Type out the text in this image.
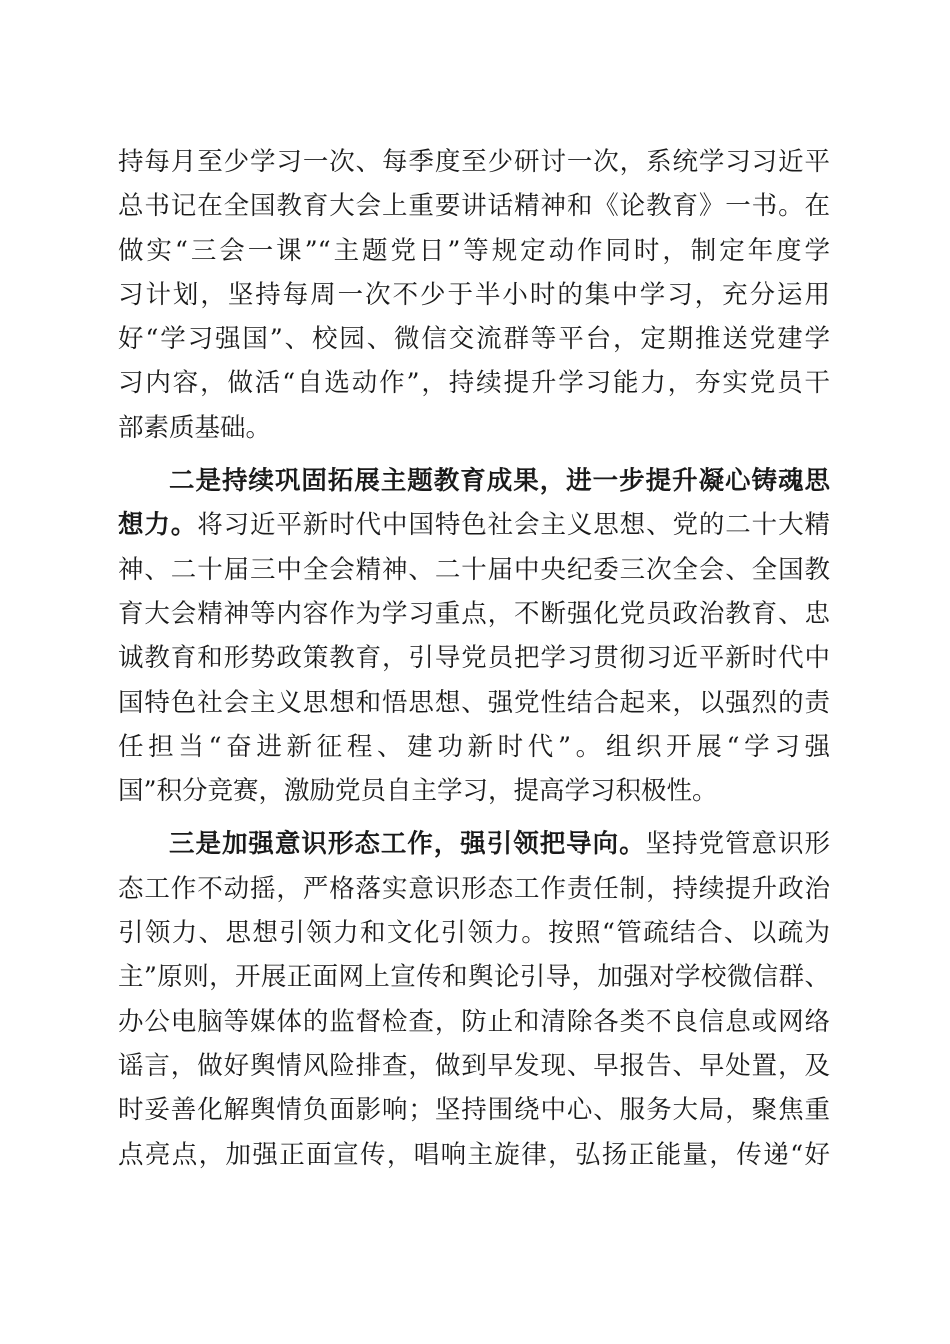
持每月至少学习一次、每季度至少研讨一次，系统学习习近平
总书记在全国教育大会上重要讲话精神和《论教育》一书。在
做实“三会一课”“主题党日”等规定动作同时，制定年度学
习计划，坚持每周一次不少于半小时的集中学习，充分运用
好“学习强国”、校园、微信交流群等平台，定期推送党建学
习内容，做活“自选动作”，持续提升学习能力，夯实党员干
部素质基础。
二是持续巩固拓展主题教育成果，进一步提升凝心铸魂思
想力。将习近平新时代中国特色社会主义思想、党的二十大精
神、二十届三中全会精神、二十届中央纪委三次全会、全国教
育大会精神等内容作为学习重点，不断强化党员政治教育、忠
诚教育和形势政策教育，引导党员把学习贯彻习近平新时代中
国特色社会主义思想和悟思想、强党性结合起来，以强烈的责
任担当“奋进新征程、建功新时代”。组织开展“学习强
国”积分竞赛，激励党员自主学习，提高学习积极性。
三是加强意识形态工作，强引领把导向。坚持党管意识形
态工作不动摇，严格落实意识形态工作责任制，持续提升政治
引领力、思想引领力和文化引领力。按照“管疏结合、以疏为
主”原则，开展正面网上宣传和舆论引导，加强对学校微信群、
办公电脑等媒体的监督检查，防止和清除各类不良信息或网络
谣言，做好舆情风险排查，做到早发现、早报告、早处置，及
时妥善化解舆情负面影响；坚持围绕中心、服务大局，聚焦重
点亮点，加强正面宣传，唱响主旋律，弘扬正能量，传递“好
